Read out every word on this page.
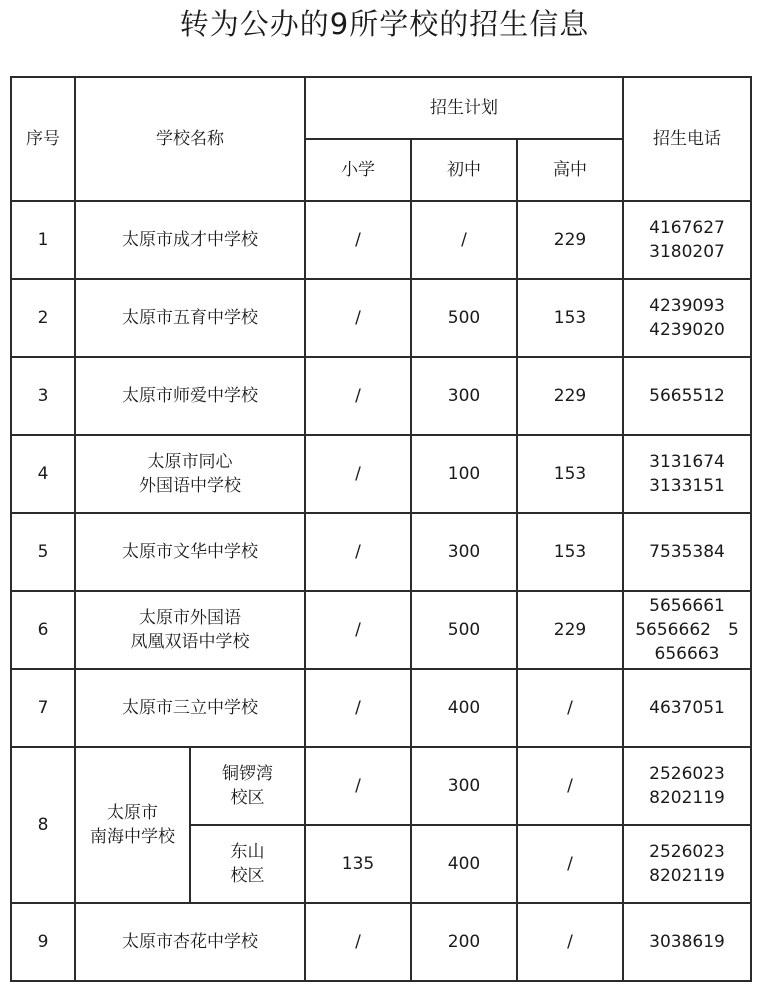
转为公办的9所学校的招生信息
序号	学校名称		招生计划			招生电话
			小学	初中	高中	
1	太原市成才中学校		/	/	229	4167627
3180207
2	太原市五育中学校		/	500	153	4239093
4239020
3	太原市师爱中学校		/	300	229	5665512
4	太原市同心
外国语中学校		/	100	153	3131674
3133151
5	太原市文华中学校		/	300	153	7535384
6	太原市外国语
凤凰双语中学校		/	500	229	5656661
5656662　5
656663
7	太原市三立中学校		/	400	/	4637051
8	太原市
南海中学校	铜锣湾
校区	/	300	/	2526023
8202119
		东山
校区	135	400	/	2526023
8202119
9	太原市杏花中学校		/	200	/	3038619
